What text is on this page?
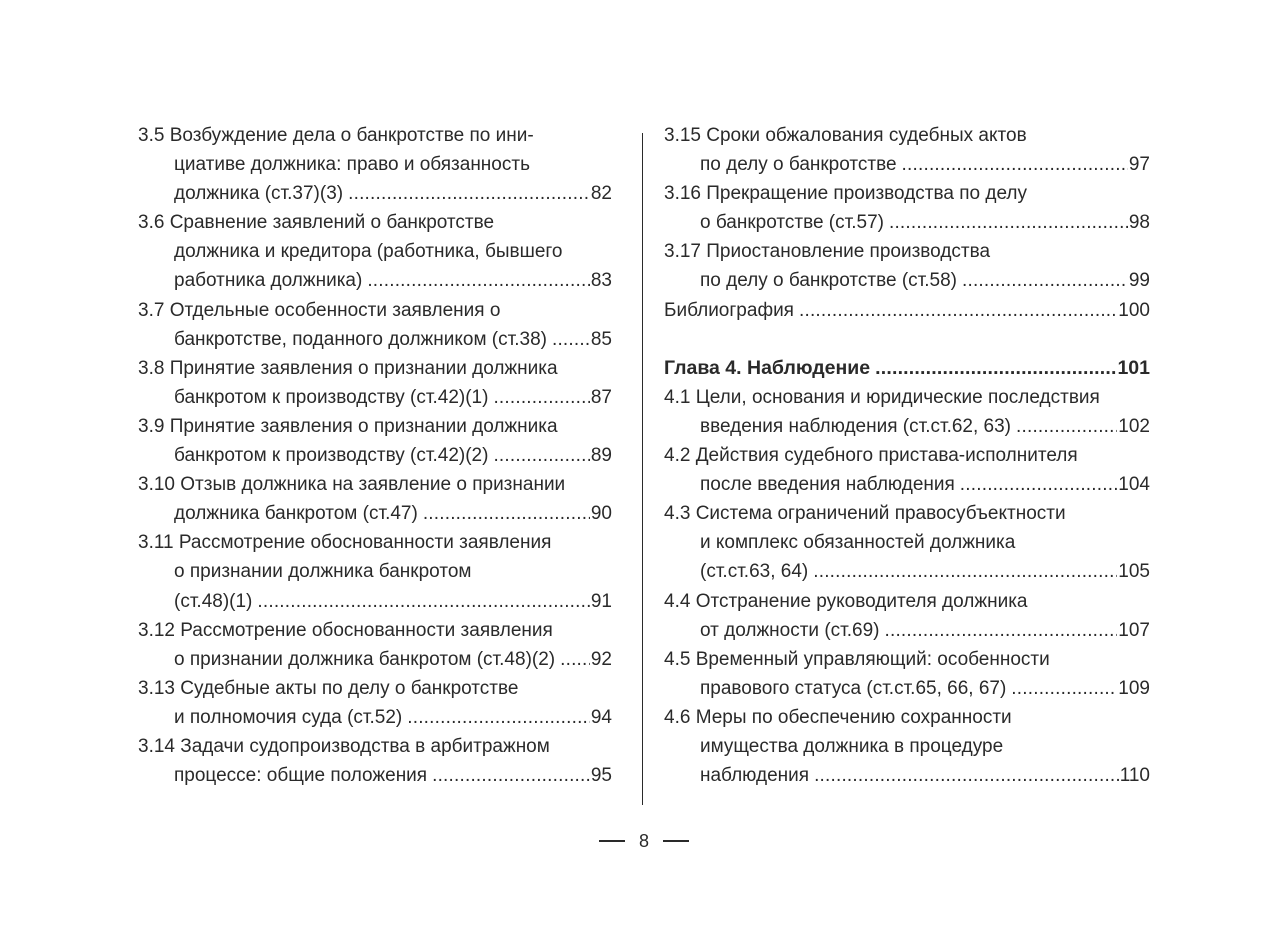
3.5 Возбуждение дела о банкротстве по ини-
циативе должника: право и обязанность
должника (ст.37)(3) .....	82
3.6 Сравнение заявлений о банкротстве
должника и кредитора (работника, бывшего
работника должника) .....	83
3.7 Отдельные особенности заявления о
банкротстве, поданного должником (ст.38) ..... 85
3.8 Принятие заявления о признании должника
банкротом к производству (ст.42)(1) .....	87
3.9 Принятие заявления о признании должника
банкротом к производству (ст.42)(2) .....	89
3.10 Отзыв должника на заявление о признании
должника банкротом (ст.47) .....	90
3.11 Рассмотрение обоснованности заявления
о признании должника банкротом
(ст.48)(1) .....	91
3.12 Рассмотрение обоснованности заявления
о признании должника банкротом (ст.48)(2) ..... 92
3.13 Судебные акты по делу о банкротстве
и полномочия суда (ст.52) .....	94
3.14 Задачи судопроизводства в арбитражном
процессе: общие положения .....	95
3.15 Сроки обжалования судебных актов
по делу о банкротстве .....	97
3.16 Прекращение производства по делу
о банкротстве (ст.57) .....	98
3.17 Приостановление производства
по делу о банкротстве (ст.58) .....	99
Библиография .....	100
Глава 4. Наблюдение .....	101
4.1 Цели, основания и юридические последствия
введения наблюдения (ст.ст.62, 63) .....	102
4.2 Действия судебного пристава-исполнителя
после введения наблюдения .....	104
4.3 Система ограничений правосубъектности
и комплекс обязанностей должника
(ст.ст.63, 64) .....	105
4.4 Отстранение руководителя должника
от должности (ст.69) .....	107
4.5 Временный управляющий: особенности
правового статуса (ст.ст.65, 66, 67) .....	109
4.6 Меры по обеспечению сохранности
имущества должника в процедуре
наблюдения .....	110
8
